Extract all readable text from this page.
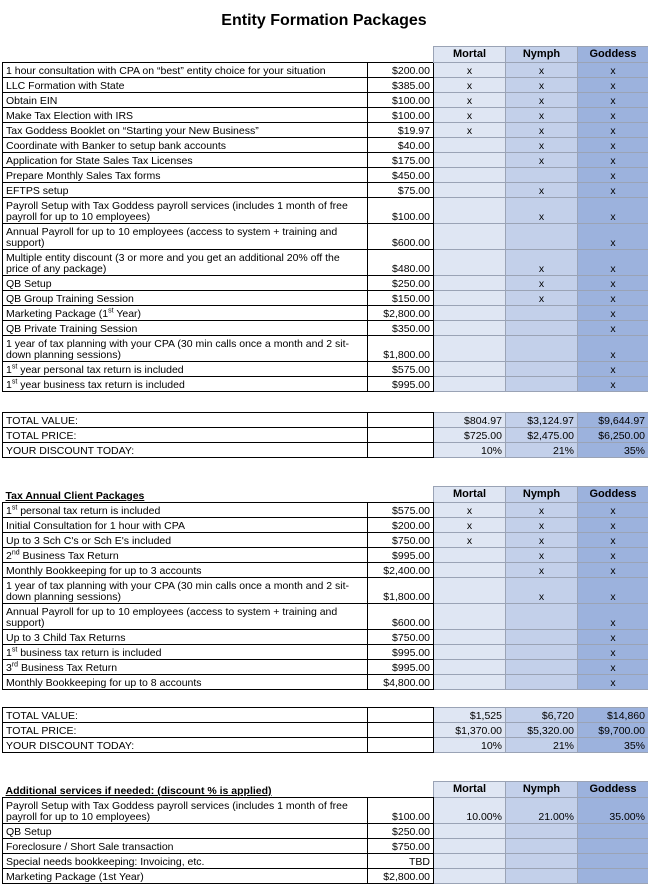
Entity Formation Packages
		Mortal	Nymph	Goddess
1 hour consultation with CPA on “best” entity choice for your situation	$200.00	x	x	x
LLC Formation with State	$385.00	x	x	x
Obtain EIN	$100.00	x	x	x
Make Tax Election with IRS	$100.00	x	x	x
Tax Goddess Booklet on “Starting your New Business”	$19.97	x	x	x
Coordinate with Banker to setup bank accounts	$40.00		x	x
Application for State Sales Tax Licenses	$175.00		x	x
Prepare Monthly Sales Tax forms	$450.00			x
EFTPS setup	$75.00		x	x
Payroll Setup with Tax Goddess payroll services (includes 1 month of free payroll for up to 10 employees)	$100.00		x	x
Annual Payroll for up to 10 employees (access to system + training and support)	$600.00			x
Multiple entity discount (3 or more and you get an additional 20% off the price of any package)	$480.00		x	x
QB Setup	$250.00		x	x
QB Group Training Session	$150.00		x	x
Marketing Package (1st Year)	$2,800.00			x
QB Private Training Session	$350.00			x
1 year of tax planning with your CPA (30 min calls once a month and 2 sit-down planning sessions)	$1,800.00			x
1st year personal tax return is included	$575.00			x
1st year business tax return is included	$995.00			x
TOTAL VALUE:		$804.97	$3,124.97	$9,644.97
TOTAL PRICE:		$725.00	$2,475.00	$6,250.00
YOUR DISCOUNT TODAY:		10%	21%	35%
Tax Annual Client Packages		Mortal	Nymph	Goddess
1st personal tax return is included	$575.00	x	x	x
Initial Consultation for 1 hour with CPA	$200.00	x	x	x
Up to 3 Sch C's or Sch E's included	$750.00	x	x	x
2nd Business Tax Return	$995.00		x	x
Monthly Bookkeeping for up to 3 accounts	$2,400.00		x	x
1 year of tax planning with your CPA (30 min calls once a month and 2 sit-down planning sessions)	$1,800.00		x	x
Annual Payroll for up to 10 employees (access to system + training and support)	$600.00			x
Up to 3 Child Tax Returns	$750.00			x
1st business tax return is included	$995.00			x
3rd Business Tax Return	$995.00			x
Monthly Bookkeeping for up to 8 accounts	$4,800.00			x
TOTAL VALUE:		$1,525	$6,720	$14,860
TOTAL PRICE:		$1,370.00	$5,320.00	$9,700.00
YOUR DISCOUNT TODAY:		10%	21%	35%
Additional services if needed: (discount % is applied)		Mortal	Nymph	Goddess
Payroll Setup with Tax Goddess payroll services (includes 1 month of free payroll for up to 10 employees)	$100.00	10.00%	21.00%	35.00%
QB Setup	$250.00			
Foreclosure / Short Sale transaction	$750.00			
Special needs bookkeeping: Invoicing, etc.	TBD			
Marketing Package (1st Year)	$2,800.00			
